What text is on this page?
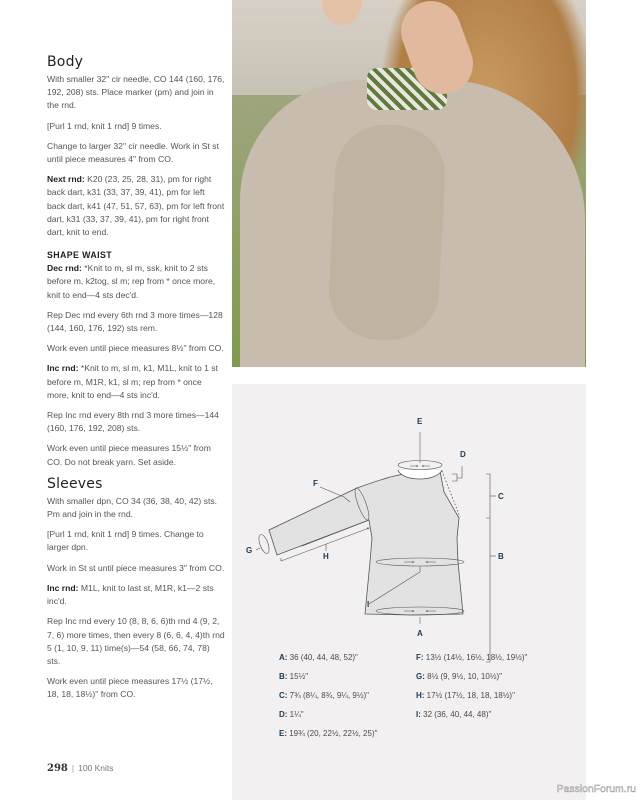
Body

With smaller 32" cir needle, CO 144 (160, 176, 192, 208) sts. Place marker (pm) and join in the rnd.

[Purl 1 rnd, knit 1 rnd] 9 times.

Change to larger 32" cir needle. Work in St st until piece measures 4" from CO.

Next rnd: K20 (23, 25, 28, 31), pm for right back dart, k31 (33, 37, 39, 41), pm for left back dart, k41 (47, 51, 57, 63), pm for left front dart, k31 (33, 37, 39, 41), pm for right front dart, knit to end.

SHAPE WAIST

Dec rnd: *Knit to m, sl m, ssk, knit to 2 sts before m, k2tog, sl m; rep from * once more, knit to end—4 sts dec'd.

Rep Dec rnd every 6th rnd 3 more times—128 (144, 160, 176, 192) sts rem.

Work even until piece measures 8½" from CO.

Inc rnd: *Knit to m, sl m, k1, M1L, knit to 1 st before m, M1R, k1, sl m; rep from * once more, knit to end—4 sts inc'd.

Rep Inc rnd every 8th rnd 3 more times—144 (160, 176, 192, 208) sts.

Work even until piece measures 15½" from CO. Do not break yarn. Set aside.

Sleeves

With smaller dpn, CO 34 (36, 38, 40, 42) sts. Pm and join in the rnd.

[Purl 1 rnd, knit 1 rnd] 9 times. Change to larger dpn.

Work in St st until piece measures 3" from CO.

Inc rnd: M1L, knit to last st, M1R, k1—2 sts inc'd.

Rep Inc rnd every 10 (8, 8, 6, 6)th rnd 4 (9, 2, 7, 6) more times, then every 8 (6, 6, 4, 4)th rnd 5 (1, 10, 9, 11) time(s)—54 (58, 66, 74, 78) sts.

Work even until piece measures 17½ (17½, 18, 18, 18½)" from CO.

E
D
C
F
B
G
H
I
A
A: 36 (40, 44, 48, 52)"
B: 15½"
C: 7¾ (8¼, 8¾, 9¼, 9½)"
D: 1¼"
E: 19¾ (20, 22½, 22½, 25)"
F: 13½ (14½, 16½, 18½, 19½)"
G: 8½ (9, 9½, 10, 10½)"
H: 17½ (17½, 18, 18, 18½)"
I: 32 (36, 40, 44, 48)"
298 | 100 Knits
PassionForum.ru
